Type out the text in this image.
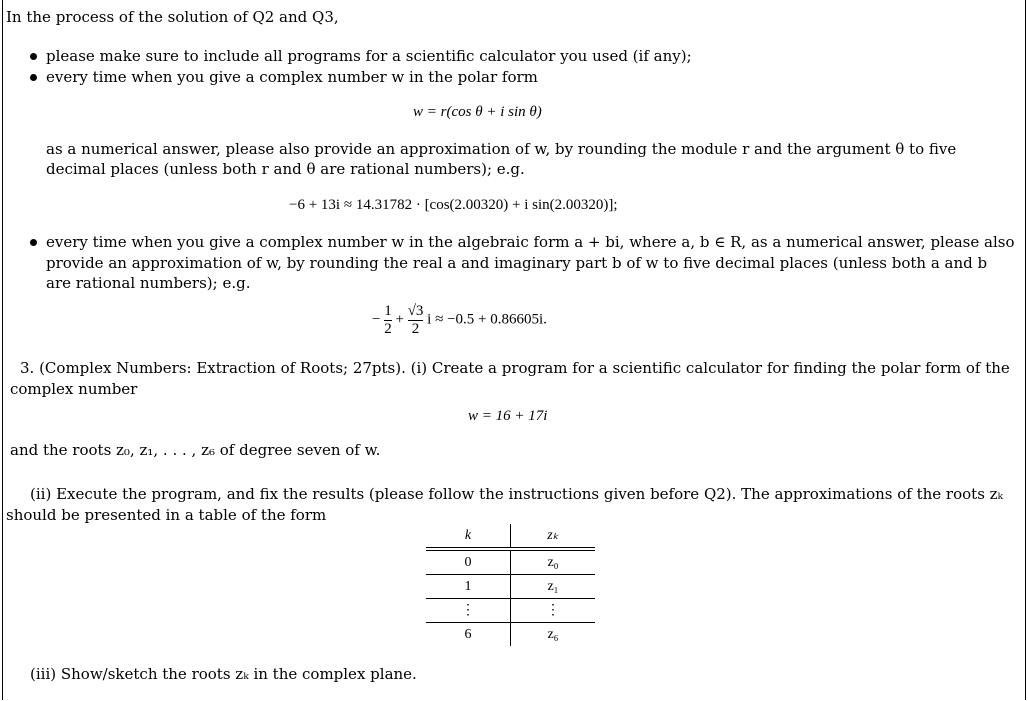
In the process of the solution of Q2 and Q3,
please make sure to include all programs for a scientific calculator you used (if any);
every time when you give a complex number w in the polar form
w = r(cos θ + i sin θ)
as a numerical answer, please also provide an approximation of w, by rounding the module r and the argument θ to five
decimal places (unless both r and θ are rational numbers); e.g.
−6 + 13i ≈ 14.31782 · [cos(2.00320) + i sin(2.00320)];
every time when you give a complex number w in the algebraic form a + bi, where a, b ∈ R, as a numerical answer, please also
provide an approximation of w, by rounding the real a and imaginary part b of w to five decimal places (unless both a and b
are rational numbers); e.g.
− $\frac{1}{2} + \frac{√3}{2}$ i ≈ −0.5 + 0.86605i.
3. (Complex Numbers: Extraction of Roots; 27pts). (i) Create a program for a scientific calculator for finding the polar form of the
complex number
w = 16 + 17i
and the roots z₀, z₁, . . . , z₆ of degree seven of w.
(ii) Execute the program, and fix the results (please follow the instructions given before Q2). The approximations of the roots zₖ
should be presented in a table of the form
k	zₖ
0	z₀
1	z₁
⋮	⋮
6	z₆
(iii) Show/sketch the roots zₖ in the complex plane.
